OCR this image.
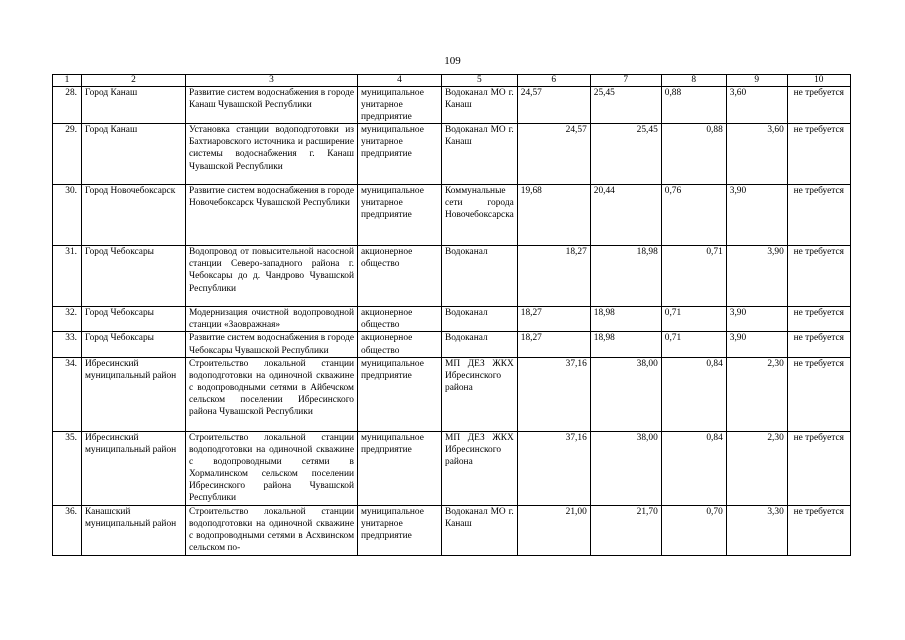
109
1	2	3	4	5	6	7	8	9	10
28.	Город Канаш	Развитие систем водоснабжения в городе Канаш Чувашской Республики	муниципальное унитарное предприятие	Водоканал МО г. Канаш	24,57	25,45	0,88	3,60	не требуется
29.	Город Канаш	Установка станции водоподготовки из Бахтиаровского источника и расширение системы водоснабжения г. Канаш Чувашской Республики	муниципальное унитарное предприятие	Водоканал МО г. Канаш	24,57	25,45	0,88	3,60	не требуется
30.	Город Новочебоксарск	Развитие систем водоснабжения в городе Новочебоксарск Чувашской Республики	муниципальное унитарное предприятие	Коммунальные сети города Новочебоксарска	19,68	20,44	0,76	3,90	не требуется
31.	Город Чебоксары	Водопровод от повысительной насосной станции Северо-западного района г. Чебоксары до д. Чандрово Чувашской Республики	акционерное общество	Водоканал	18,27	18,98	0,71	3,90	не требуется
32.	Город Чебоксары	Модернизация очистной водопроводной станции «Заовражная»	акционерное общество	Водоканал	18,27	18,98	0,71	3,90	не требуется
33.	Город Чебоксары	Развитие систем водоснабжения в городе Чебоксары Чувашской Республики	акционерное общество	Водоканал	18,27	18,98	0,71	3,90	не требуется
34.	Ибресинский муниципальный район	Строительство локальной станции водоподготовки на одиночной скважине с водопроводными сетями в Айбечском сельском поселении Ибресинского района Чувашской Республики	муниципальное предприятие	МП ДЕЗ ЖКХ Ибресинского района	37,16	38,00	0,84	2,30	не требуется
35.	Ибресинский муниципальный район	Строительство локальной станции водоподготовки на одиночной скважине с водопроводными сетями в Хормалинском сельском поселении Ибресинского района Чувашской Республики	муниципальное предприятие	МП ДЕЗ ЖКХ Ибресинского района	37,16	38,00	0,84	2,30	не требуется
36.	Канашский муниципальный район	Строительство локальной станции водоподготовки на одиночной скважине с водопроводными сетями в Асхвинском сельском по-	муниципальное унитарное предприятие	Водоканал МО г. Канаш	21,00	21,70	0,70	3,30	не требуется
